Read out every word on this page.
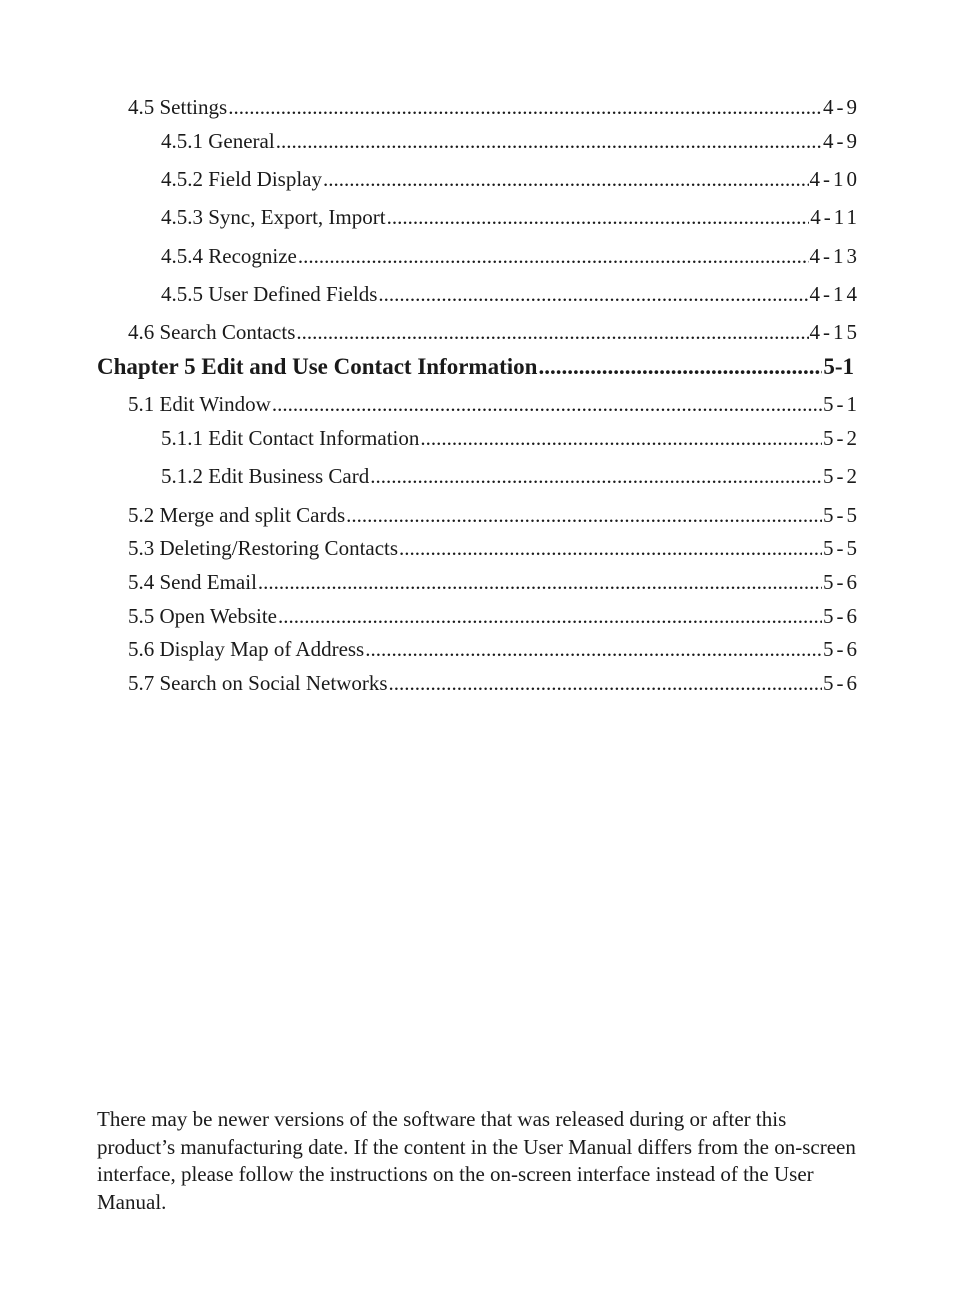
4.5 Settings .....	4-9
4.5.1 General .....	4-9
4.5.2 Field Display .....	4-10
4.5.3 Sync, Export, Import .....	4-11
4.5.4 Recognize .....	4-13
4.5.5 User Defined Fields .....	4-14
4.6 Search Contacts .....	4-15
Chapter 5 Edit and Use Contact Information .....	5-1
5.1 Edit Window .....	5-1
5.1.1 Edit Contact Information .....	5-2
5.1.2 Edit Business Card .....	5-2
5.2 Merge and split Cards .....	5-5
5.3 Deleting/Restoring Contacts .....	5-5
5.4 Send Email .....	5-6
5.5 Open Website .....	5-6
5.6 Display Map of Address .....	5-6
5.7 Search on Social Networks .....	5-6

There may be newer versions of the software that was released during or after this product’s manufacturing date. If the content in the User Manual differs from the on-screen interface, please follow the instructions on the on-screen interface instead of the User Manual.
